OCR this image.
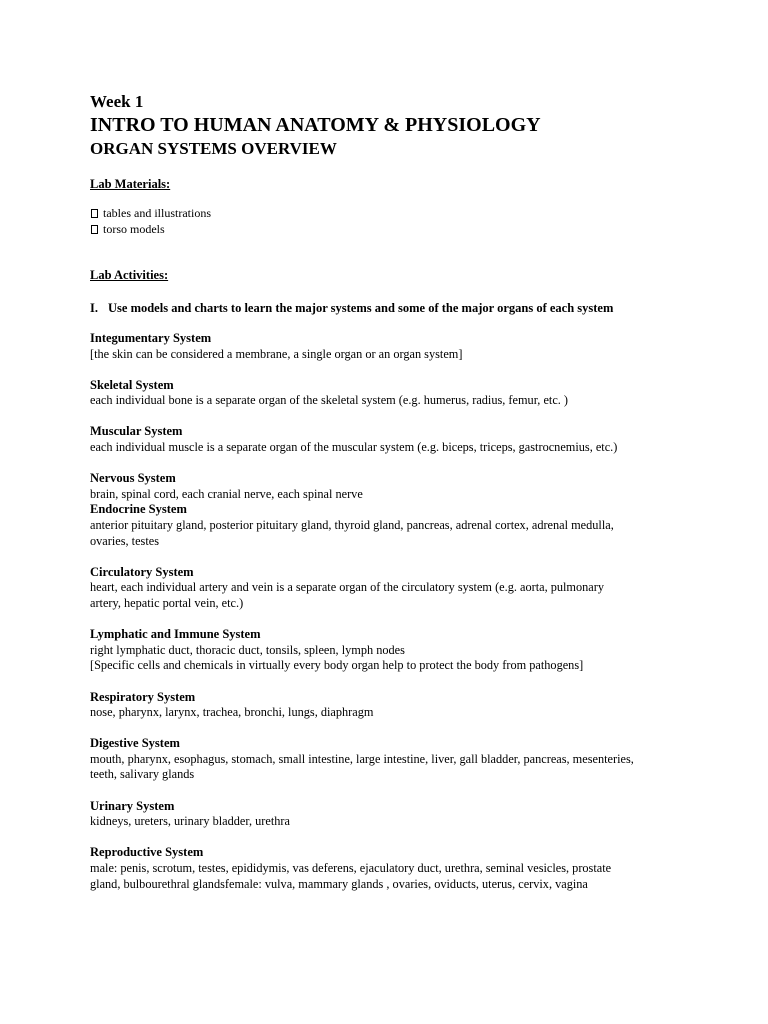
Week 1
INTRO TO HUMAN ANATOMY & PHYSIOLOGY
ORGAN SYSTEMS OVERVIEW
Lab Materials:
tables and illustrations
torso models
Lab Activities:
I. Use models and charts to learn the major systems and some of the major organs of each system
Integumentary System
[the skin can be considered a membrane, a single organ or an organ system]
Skeletal System
each individual bone is a separate organ of the skeletal system (e.g. humerus, radius, femur, etc. )
Muscular System
each individual muscle is a separate organ of the muscular system (e.g. biceps, triceps, gastrocnemius, etc.)
Nervous System
brain, spinal cord, each cranial nerve, each spinal nerve
Endocrine System
anterior pituitary gland, posterior pituitary gland, thyroid gland, pancreas, adrenal cortex, adrenal medulla,
ovaries, testes
Circulatory System
heart, each individual artery and vein is a separate organ of the circulatory system (e.g. aorta, pulmonary
artery, hepatic portal vein, etc.)
Lymphatic and Immune System
right lymphatic duct, thoracic duct, tonsils, spleen, lymph nodes
[Specific cells and chemicals in virtually every body organ help to protect the body from pathogens]
Respiratory System
nose, pharynx, larynx, trachea, bronchi, lungs, diaphragm
Digestive System
mouth, pharynx, esophagus, stomach, small intestine, large intestine, liver, gall bladder, pancreas, mesenteries,
teeth, salivary glands
Urinary System
kidneys, ureters, urinary bladder, urethra
Reproductive System
male: penis, scrotum, testes, epididymis, vas deferens, ejaculatory duct, urethra, seminal vesicles, prostate
gland, bulbourethral glandsfemale: vulva, mammary glands , ovaries, oviducts, uterus, cervix, vagina
